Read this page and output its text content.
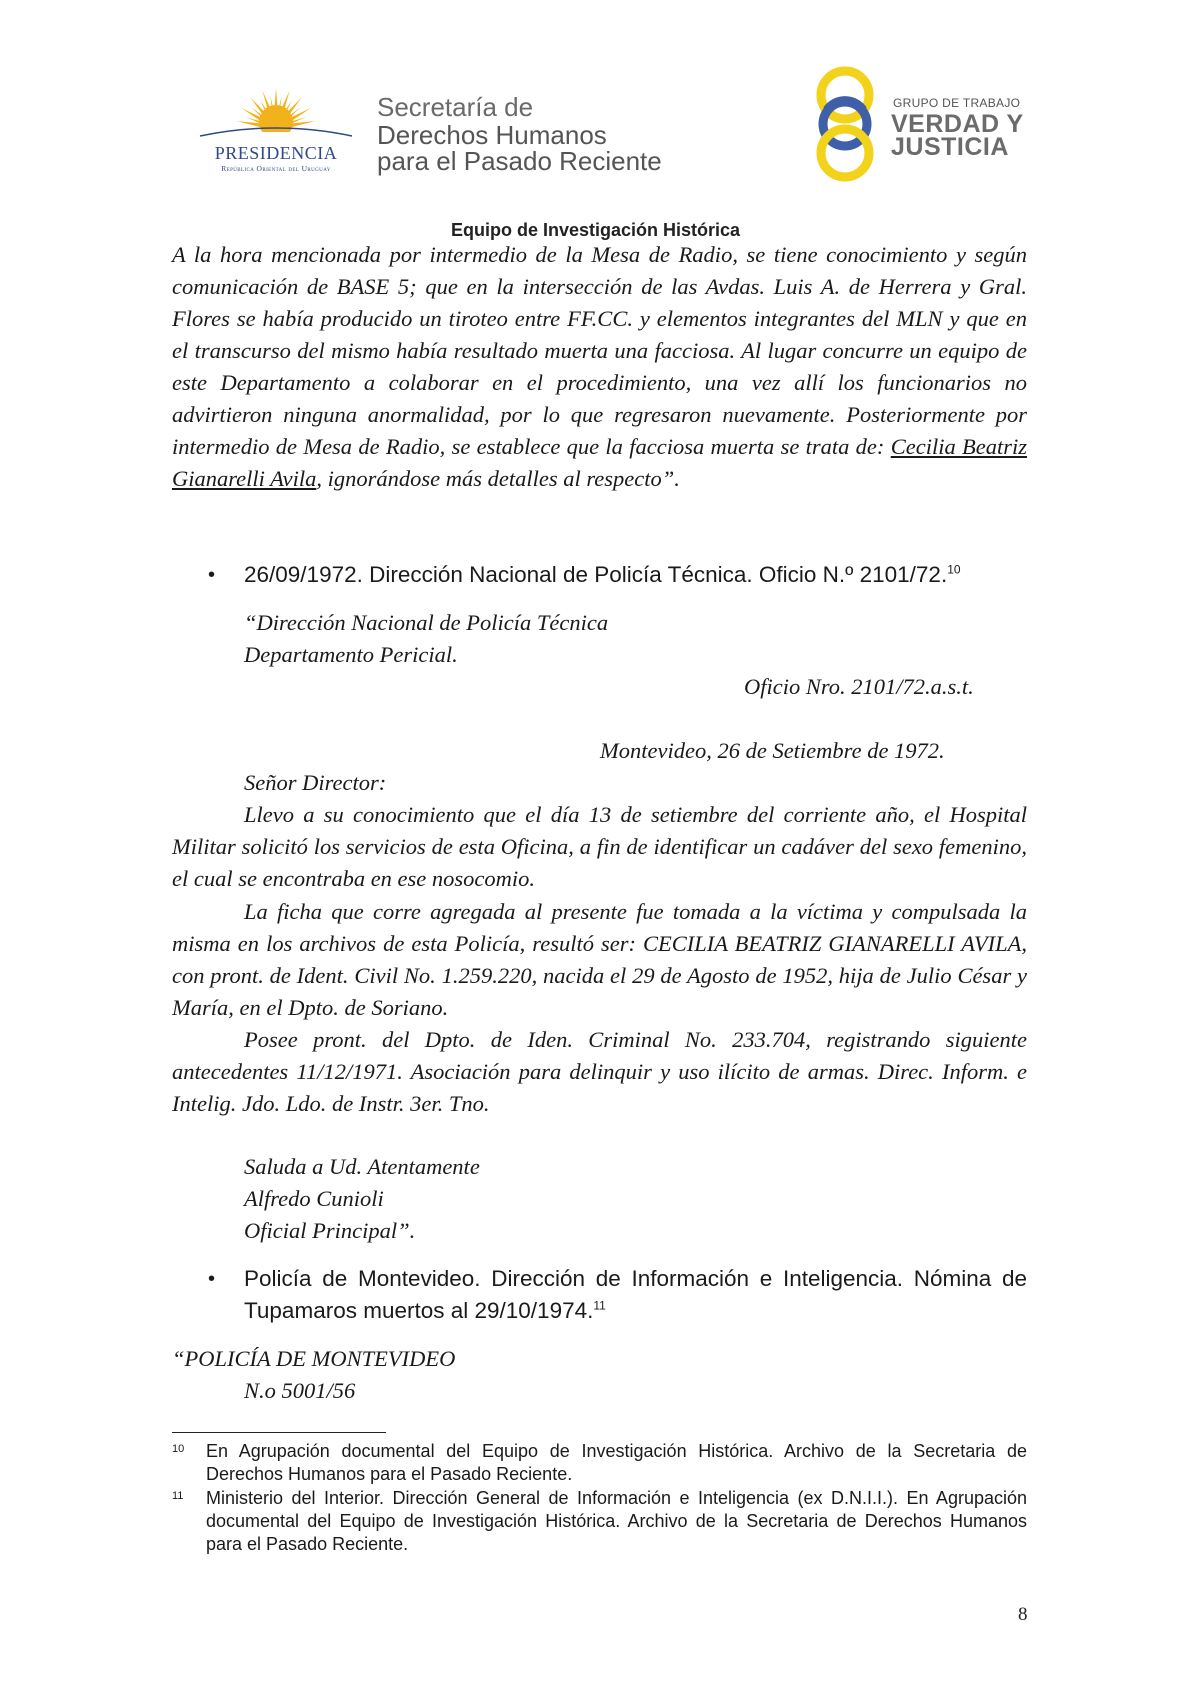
PRESIDENCIA
República Oriental del Uruguay
Secretaría de
Derechos Humanos
para el Pasado Reciente
GRUPO DE TRABAJO
VERDAD Y
JUSTICIA
Equipo de Investigación Histórica
A la hora mencionada por intermedio de la Mesa de Radio, se tiene conocimiento y según comunicación de BASE 5; que en la intersección de las Avdas. Luis A. de Herrera y Gral. Flores se había producido un tiroteo entre FF.CC. y elementos integrantes del MLN y que en el transcurso del mismo había resultado muerta una facciosa. Al lugar concurre un equipo de este Departamento a colaborar en el procedimiento, una vez allí los funcionarios no advirtieron ninguna anormalidad, por lo que regresaron nuevamente. Posteriormente por intermedio de Mesa de Radio, se establece que la facciosa muerta se trata de: Cecilia Beatriz Gianarelli Avila, ignorándose más detalles al respecto”.
• 26/09/1972. Dirección Nacional de Policía Técnica. Oficio N.º 2101/72.10
“Dirección Nacional de Policía Técnica
Departamento Pericial.
Oficio Nro. 2101/72.a.s.t.
Montevideo, 26 de Setiembre de 1972.
Señor Director:
Llevo a su conocimiento que el día 13 de setiembre del corriente año, el Hospital Militar solicitó los servicios de esta Oficina, a fin de identificar un cadáver del sexo femenino, el cual se encontraba en ese nosocomio.
La ficha que corre agregada al presente fue tomada a la víctima y compulsada la misma en los archivos de esta Policía, resultó ser: CECILIA BEATRIZ GIANARELLI AVILA, con pront. de Ident. Civil No. 1.259.220, nacida el 29 de Agosto de 1952, hija de Julio César y María, en el Dpto. de Soriano.
Posee pront. del Dpto. de Iden. Criminal No. 233.704, registrando siguiente antecedentes 11/12/1971. Asociación para delinquir y uso ilícito de armas. Direc. Inform. e Intelig. Jdo. Ldo. de Instr. 3er. Tno.
Saluda a Ud. Atentamente
Alfredo Cunioli
Oficial Principal”.
• Policía de Montevideo. Dirección de Información e Inteligencia. Nómina de Tupamaros muertos al 29/10/1974.11
“POLICÍA DE MONTEVIDEO
N.o 5001/56
10 En Agrupación documental del Equipo de Investigación Histórica. Archivo de la Secretaria de Derechos Humanos para el Pasado Reciente.
11 Ministerio del Interior. Dirección General de Información e Inteligencia (ex D.N.I.I.). En Agrupación documental del Equipo de Investigación Histórica. Archivo de la Secretaria de Derechos Humanos para el Pasado Reciente.
8
